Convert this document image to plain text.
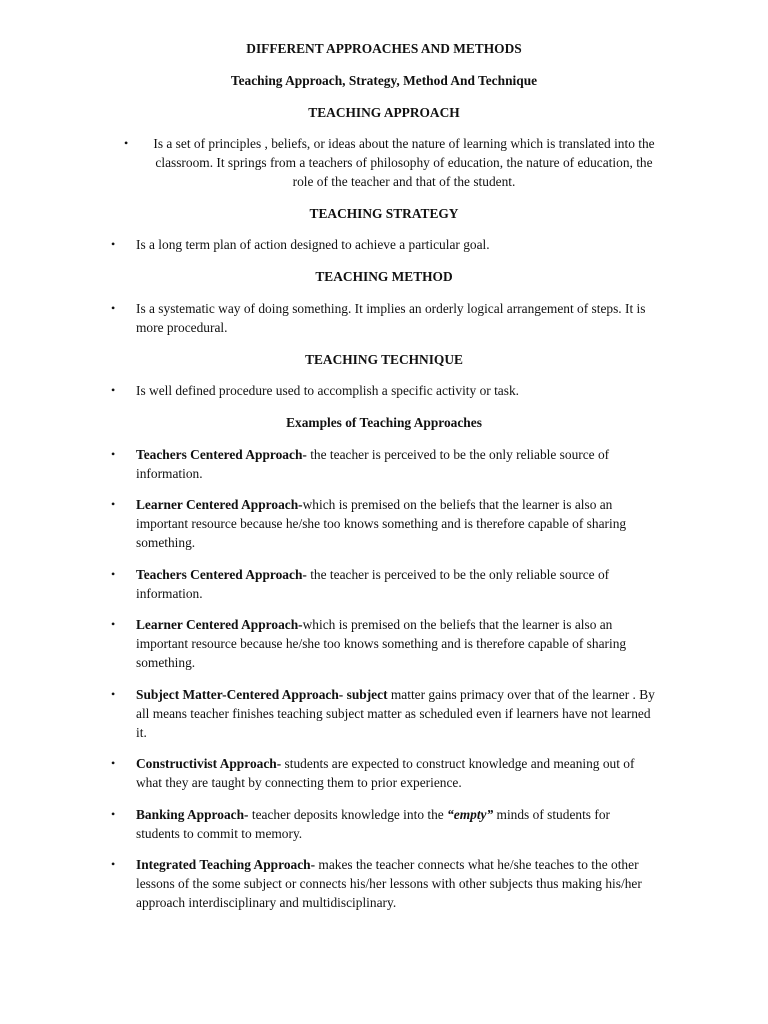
DIFFERENT APPROACHES AND METHODS
Teaching Approach, Strategy, Method And Technique
TEACHING APPROACH
•	Is a set of principles , beliefs, or ideas about the nature of learning which is translated into the

classroom. It springs from a teachers of philosophy of education, the nature of education, the

role of the teacher and that of the student.

TEACHING STRATEGY
•	Is a long term plan of action designed to achieve a particular goal.

TEACHING METHOD
•	Is a systematic way of doing something. It implies an orderly logical arrangement of steps. It is

more procedural.

TEACHING TECHNIQUE
•	Is well defined procedure used to accomplish a specific activity or task.

Examples of Teaching Approaches
•	Teachers Centered Approach- the teacher is perceived to be the only reliable source of

information.

•	Learner Centered Approach-which is premised on the beliefs that the learner is also an

important resource because he/she too knows something and is therefore capable of sharing

something.

•	Teachers Centered Approach- the teacher is perceived to be the only reliable source of

information.

•	Learner Centered Approach-which is premised on the beliefs that the learner is also an

important resource because he/she too knows something and is therefore capable of sharing

something.

•	Subject Matter-Centered Approach- subject matter gains primacy over that of the learner . By

all means teacher finishes teaching subject matter as scheduled even if learners have not learned

it.

•	Constructivist Approach- students are expected to construct knowledge and meaning out of

what they are taught by connecting them to prior experience.

•	Banking Approach- teacher deposits knowledge into the “empty” minds of students for

students to commit to memory.

•	Integrated Teaching Approach- makes the teacher connects what he/she teaches to the other

lessons of the some subject or connects his/her lessons with other subjects thus making his/her

approach interdisciplinary and multidisciplinary.
